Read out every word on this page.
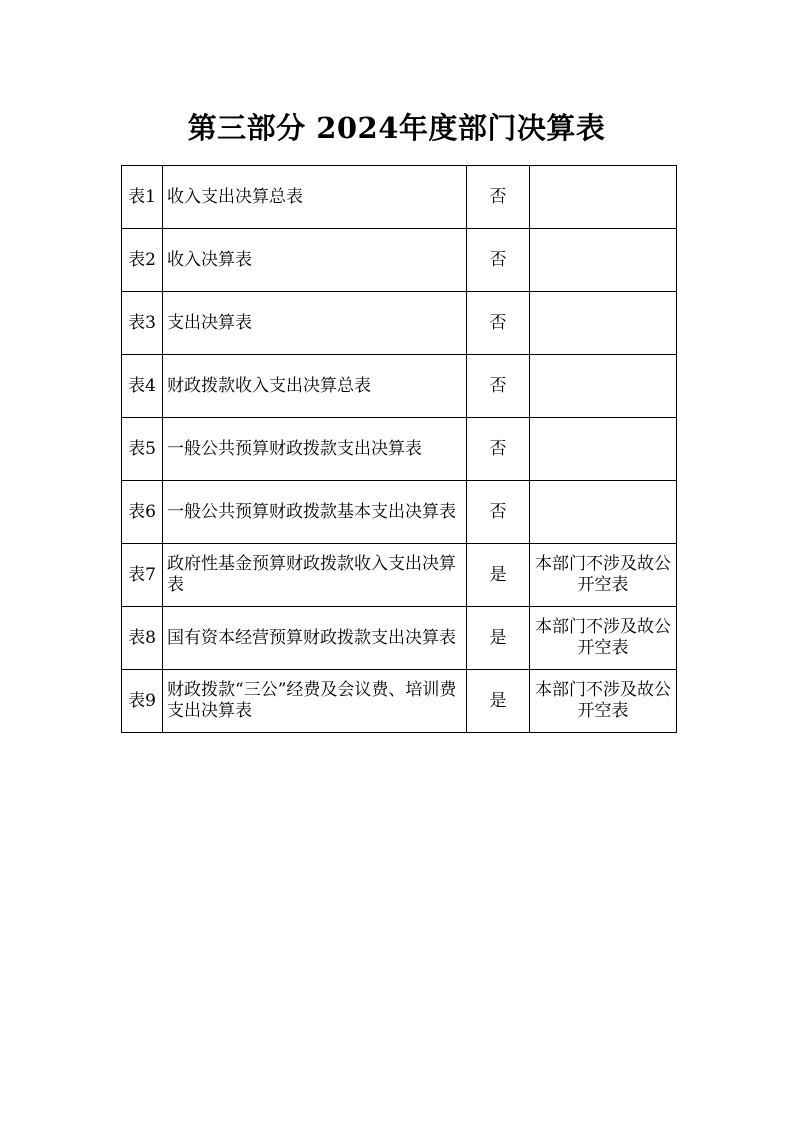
第三部分 2024年度部门决算表
表1	收入支出决算总表	否	
表2	收入决算表	否	
表3	支出决算表	否	
表4	财政拨款收入支出决算总表	否	
表5	一般公共预算财政拨款支出决算表	否	
表6	一般公共预算财政拨款基本支出决算表	否	
表7	政府性基金预算财政拨款收入支出决算表	是	本部门不涉及故公开空表
表8	国有资本经营预算财政拨款支出决算表	是	本部门不涉及故公开空表
表9	财政拨款“三公”经费及会议费、培训费支出决算表	是	本部门不涉及故公开空表
